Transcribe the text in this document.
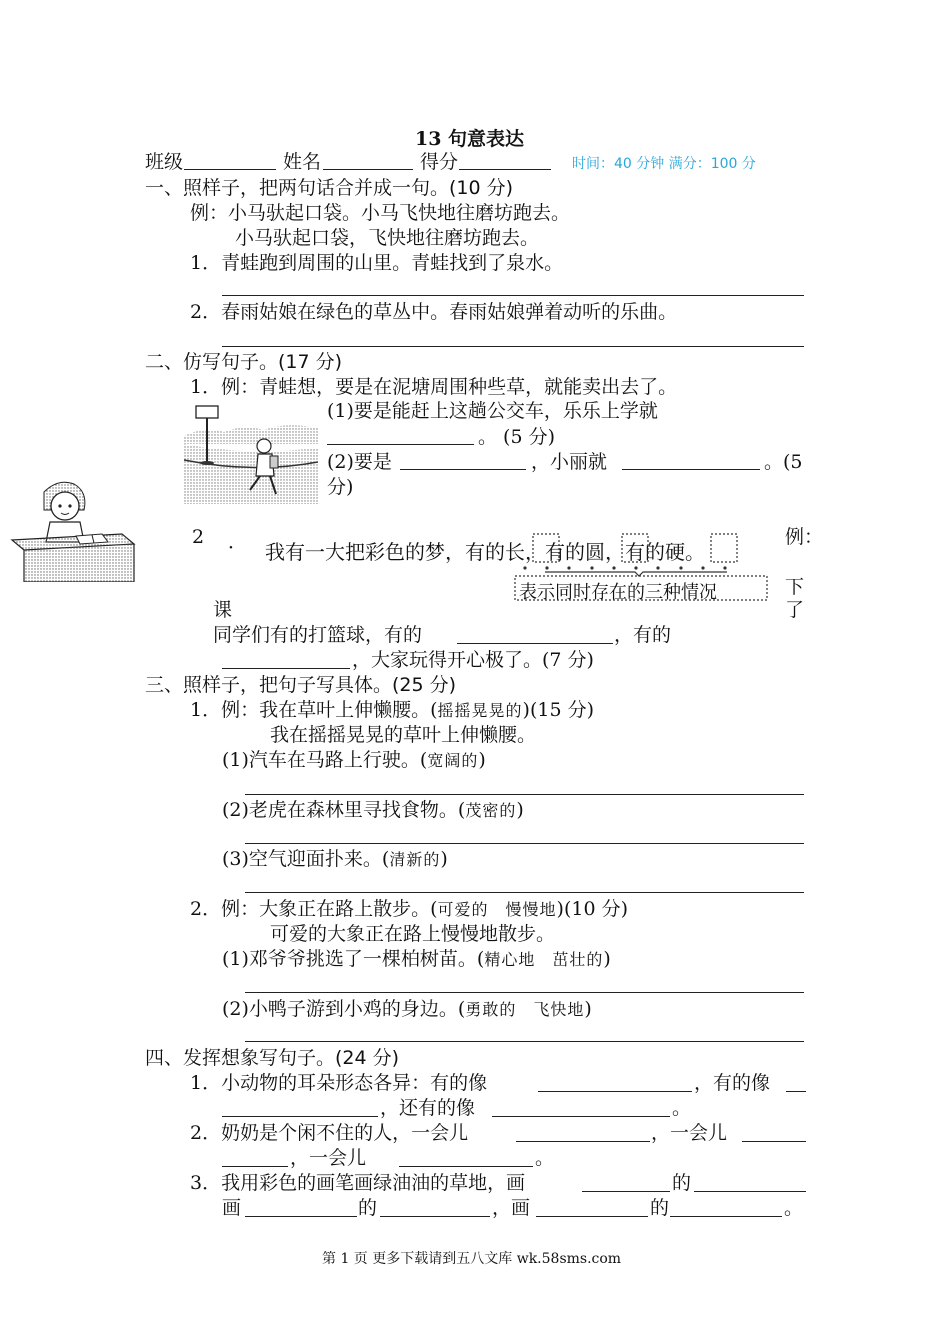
13 句意表达
班级	姓名	得分	时间：40 分钟 满分：100 分
一、照样子，把两句话合并成一句。(10 分)
例：小马驮起口袋。小马飞快地往磨坊跑去。
小马驮起口袋，飞快地往磨坊跑去。
1．青蛙跑到周围的山里。青蛙找到了泉水。
2．春雨姑娘在绿色的草丛中。春雨姑娘弹着动听的乐曲。
二、仿写句子。(17 分)
1．例：青蛙想，要是在泥塘周围种些草，就能卖出去了。
(1)要是能赶上这趟公交车，乐乐上学就
。 (5 分)
(2)要是	，小丽就	。(5
分)
2 ． 我有一大把彩色的梦，有的长，有的圆，有的硬。
表示同时存在的三种情况
例：
下
了
课
同学们有的打篮球，有的	，有的
，大家玩得开心极了。(7 分)
三、照样子，把句子写具体。(25 分)
1．例：我在草叶上伸懒腰。(摇摇晃晃的)(15 分)
我在摇摇晃晃的草叶上伸懒腰。
(1)汽车在马路上行驶。(宽阔的)
(2)老虎在森林里寻找食物。(茂密的)
(3)空气迎面扑来。(清新的)
2．例：大象正在路上散步。(可爱的　慢慢地)(10 分)
可爱的大象正在路上慢慢地散步。
(1)邓爷爷挑选了一棵柏树苗。(精心地　茁壮的)
(2)小鸭子游到小鸡的身边。(勇敢的　飞快地)
四、发挥想象写句子。(24 分)
1．小动物的耳朵形态各异：有的像	，有的像
，还有的像	。
2．奶奶是个闲不住的人，一会儿	，一会儿
，一会儿	。
3．我用彩色的画笔画绿油油的草地，画	的
画	的	，画	的	。
第 1 页 更多下载请到五八文库 wk.58sms.com
